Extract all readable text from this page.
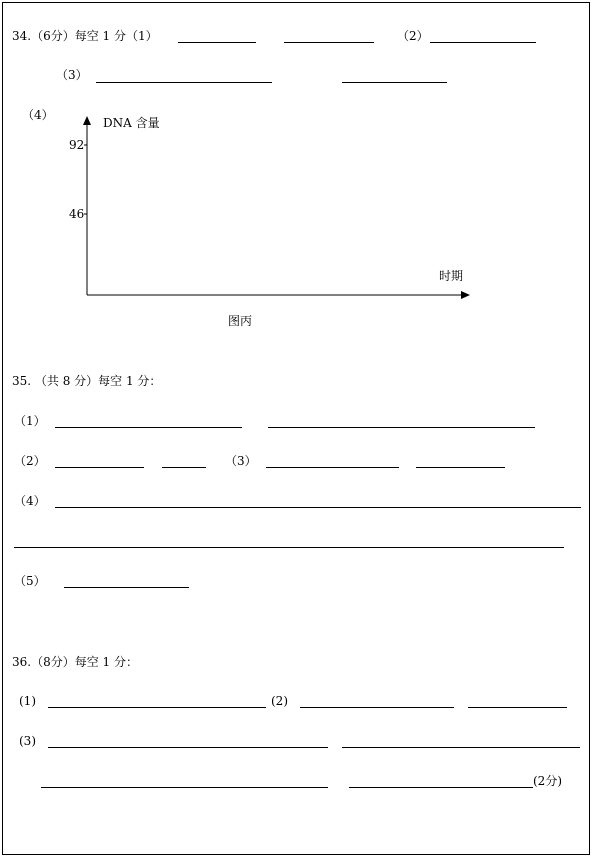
34.（6分）每空 1 分（1）	（2）
（3）
（4）
DNA 含量
92
46
时期
图丙
35. （共 8 分）每空 1 分：
（1）
（2）	（3）
（4）
（5）
36.（8分）每空 1 分：
(1)	(2)
(3)
(2分)
